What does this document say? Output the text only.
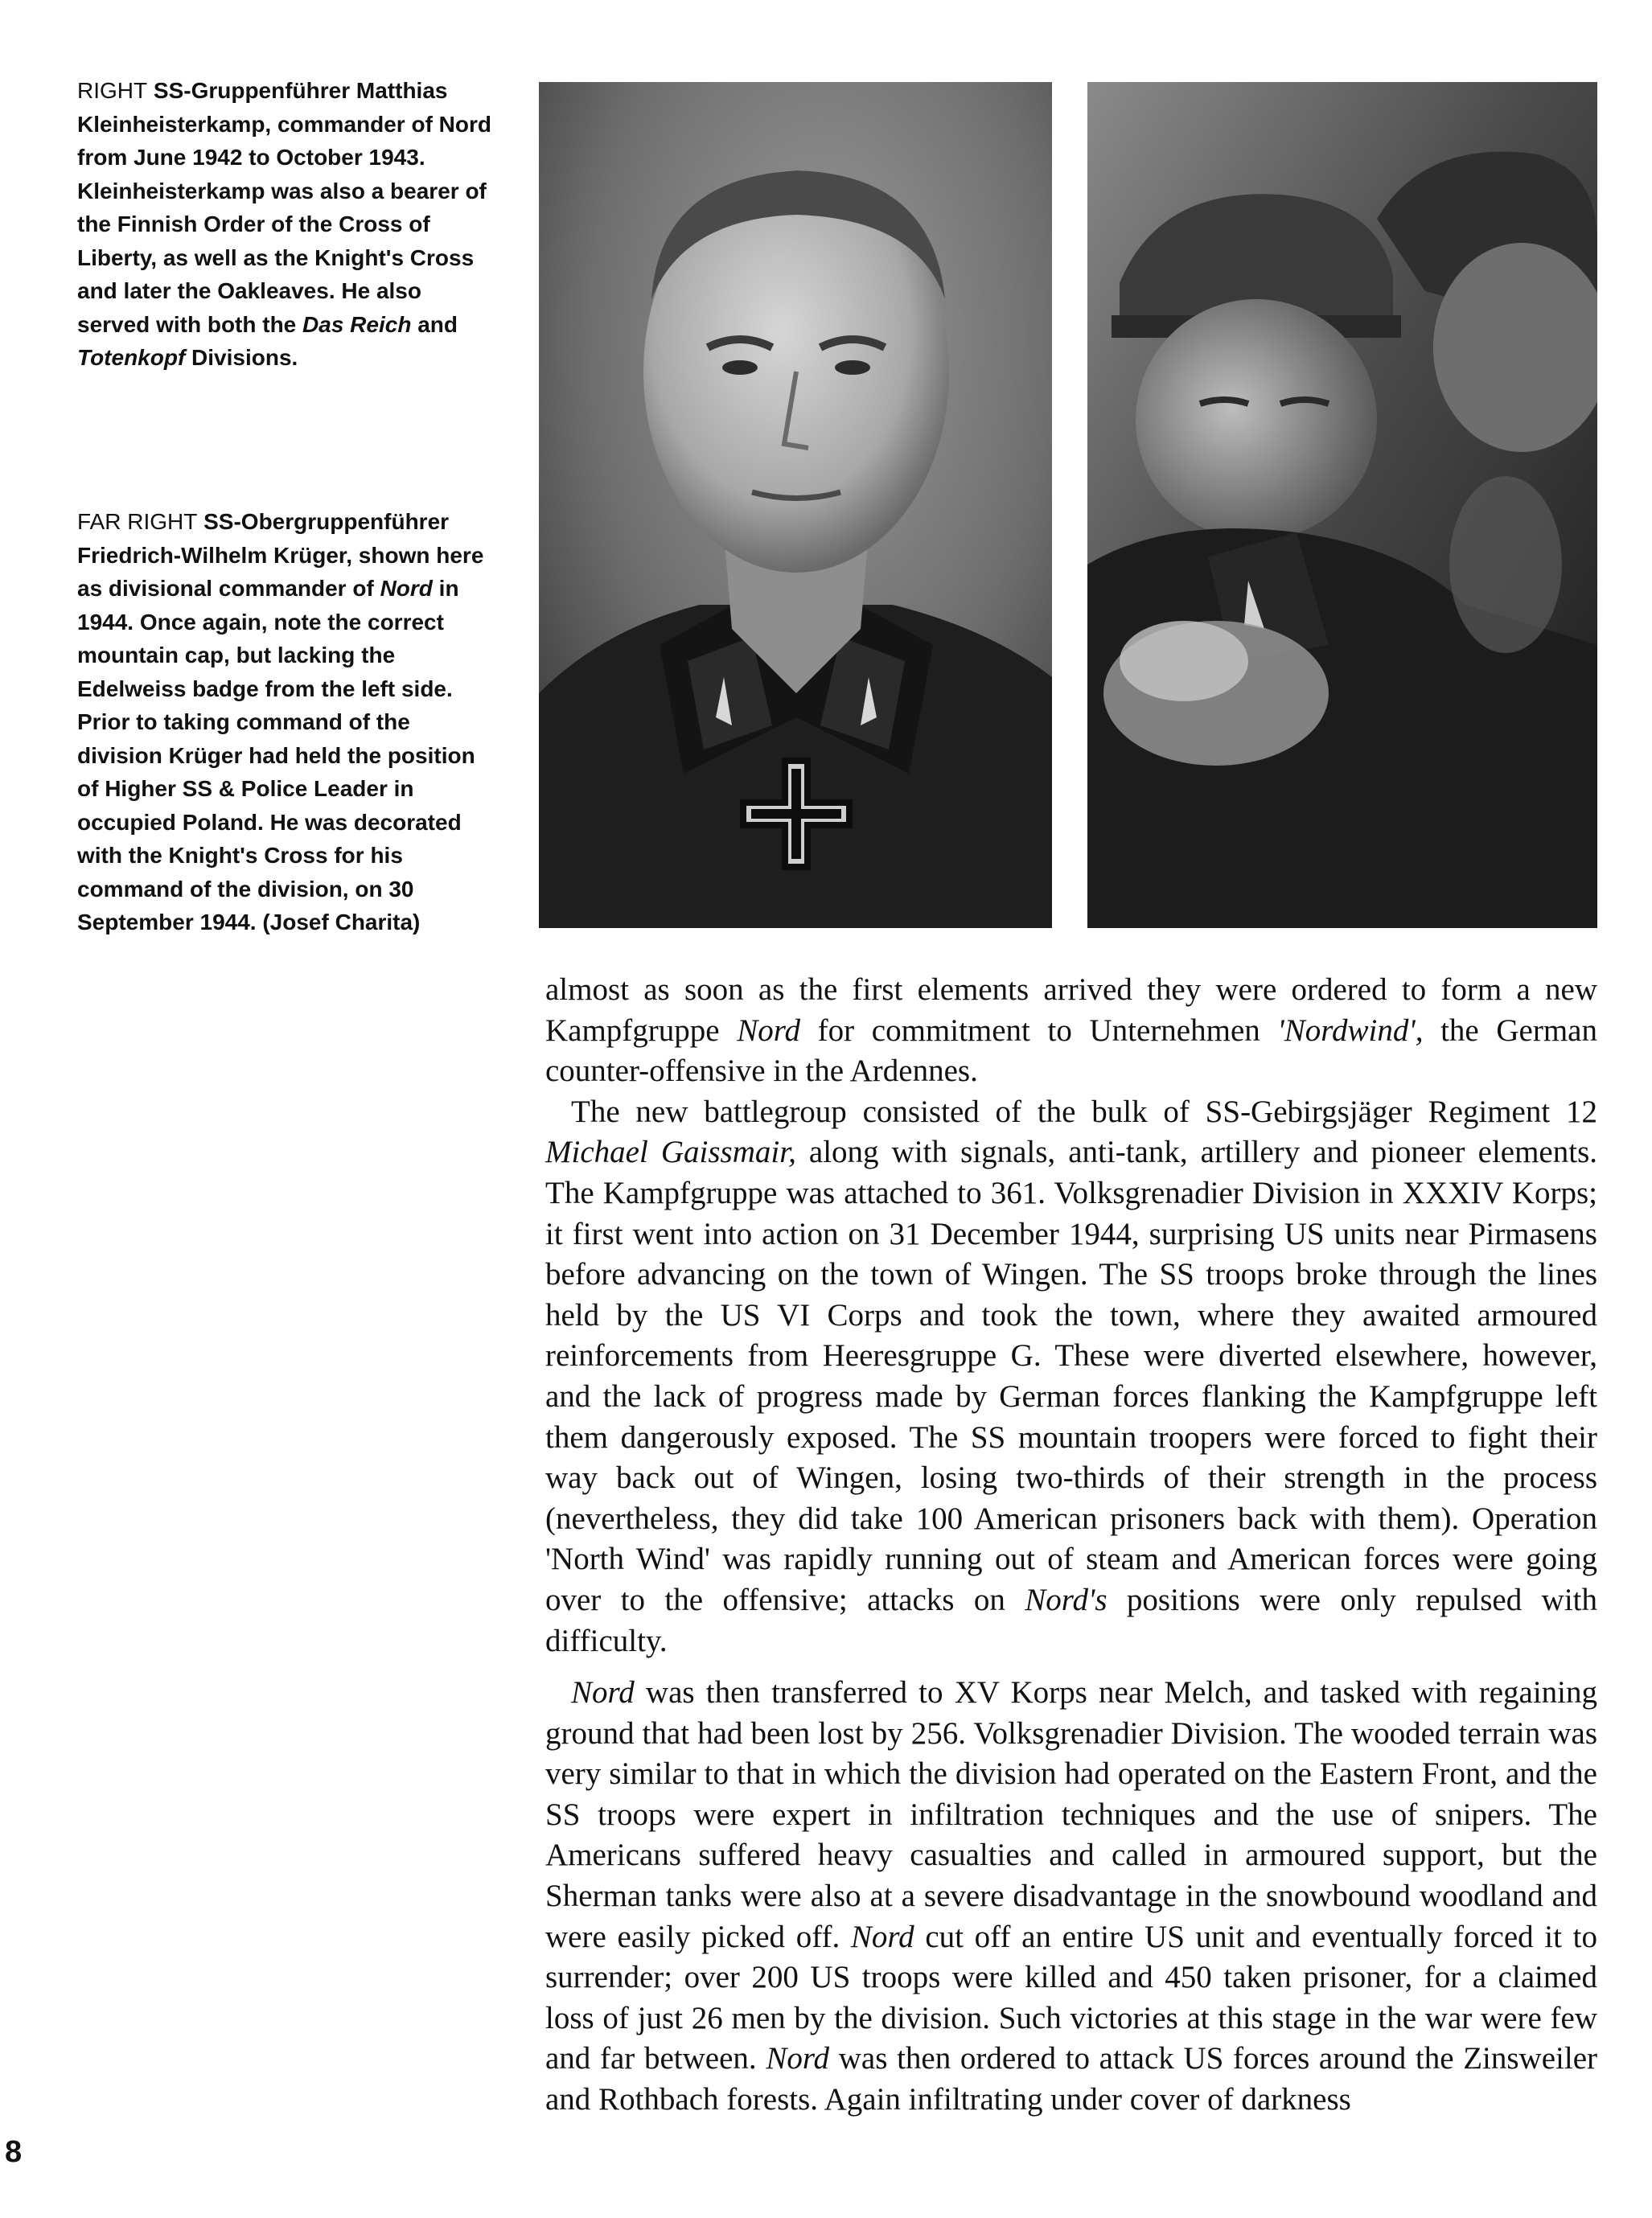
RIGHT SS-Gruppenführer Matthias Kleinheisterkamp, commander of Nord from June 1942 to October 1943. Kleinheisterkamp was also a bearer of the Finnish Order of the Cross of Liberty, as well as the Knight's Cross and later the Oakleaves. He also served with both the Das Reich and Totenkopf Divisions.

FAR RIGHT SS-Obergruppenführer Friedrich-Wilhelm Krüger, shown here as divisional commander of Nord in 1944. Once again, note the correct mountain cap, but lacking the Edelweiss badge from the left side. Prior to taking command of the division Krüger had held the position of Higher SS & Police Leader in occupied Poland. He was decorated with the Knight's Cross for his command of the division, on 30 September 1944. (Josef Charita)

almost as soon as the first elements arrived they were ordered to form a new Kampfgruppe Nord for commitment to Unternehmen 'Nordwind', the German counter-offensive in the Ardennes.

The new battlegroup consisted of the bulk of SS-Gebirgsjäger Regiment 12 Michael Gaissmair, along with signals, anti-tank, artillery and pioneer elements. The Kampfgruppe was attached to 361. Volksgrenadier Division in XXXIV Korps; it first went into action on 31 December 1944, surprising US units near Pirmasens before advancing on the town of Wingen. The SS troops broke through the lines held by the US VI Corps and took the town, where they awaited armoured reinforcements from Heeresgruppe G. These were diverted elsewhere, however, and the lack of progress made by German forces flanking the Kampfgruppe left them dangerously exposed. The SS mountain troopers were forced to fight their way back out of Wingen, losing two-thirds of their strength in the process (nevertheless, they did take 100 American prisoners back with them). Operation 'North Wind' was rapidly running out of steam and American forces were going over to the offensive; attacks on Nord's positions were only repulsed with difficulty.

Nord was then transferred to XV Korps near Melch, and tasked with regaining ground that had been lost by 256. Volksgrenadier Division. The wooded terrain was very similar to that in which the division had operated on the Eastern Front, and the SS troops were expert in infiltration techniques and the use of snipers. The Americans suffered heavy casualties and called in armoured support, but the Sherman tanks were also at a severe disadvantage in the snowbound woodland and were easily picked off. Nord cut off an entire US unit and eventually forced it to surrender; over 200 US troops were killed and 450 taken prisoner, for a claimed loss of just 26 men by the division. Such victories at this stage in the war were few and far between. Nord was then ordered to attack US forces around the Zinsweiler and Rothbach forests. Again infiltrating under cover of darkness

8
